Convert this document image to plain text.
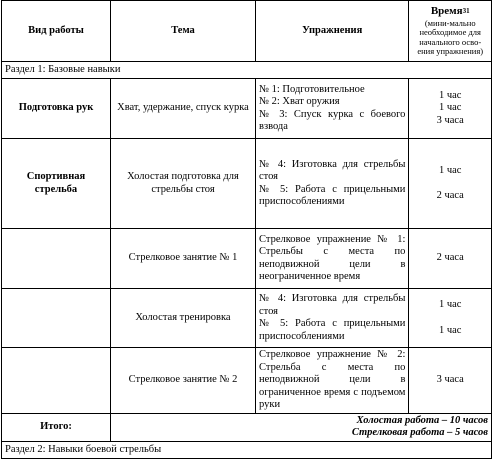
Вид работы	Тема	Упражнения	Время$^{31}$
(мини-мально необходимое для начального осво-ения упражнения)

Раздел 1: Базовые навыки			
Подготовка рук	Хват, удержание, спуск курка	№ 1: Подготовительное
№ 2: Хват оружия
№ 3: Спуск курка с боевого взвода	1 час
1 час
3 часа

Спортивная стрельба	Холостая подготовка для стрельбы стоя	№ 4: Изготовка для стрельбы стоя
№ 5: Работа с прицельными приспособлениями	1 час
2 часа

	Стрелковое занятие № 1	Стрелковое упражнение № 1: Стрельбы с места по неподвижной цели в неограниченное время	2 часа
	Холостая тренировка	№ 4: Изготовка для стрельбы стоя
№ 5: Работа с прицельными приспособлениями	1 час
1 час

	Стрелковое занятие № 2	Стрелковое упражнение № 2: Стрельба с места по неподвижной цели в ограниченное время с подъемом руки	3 часа
Итого:	Холостая работа – 10 часов
Стрелковая работа – 5 часов		

Раздел 2: Навыки боевой стрельбы			
